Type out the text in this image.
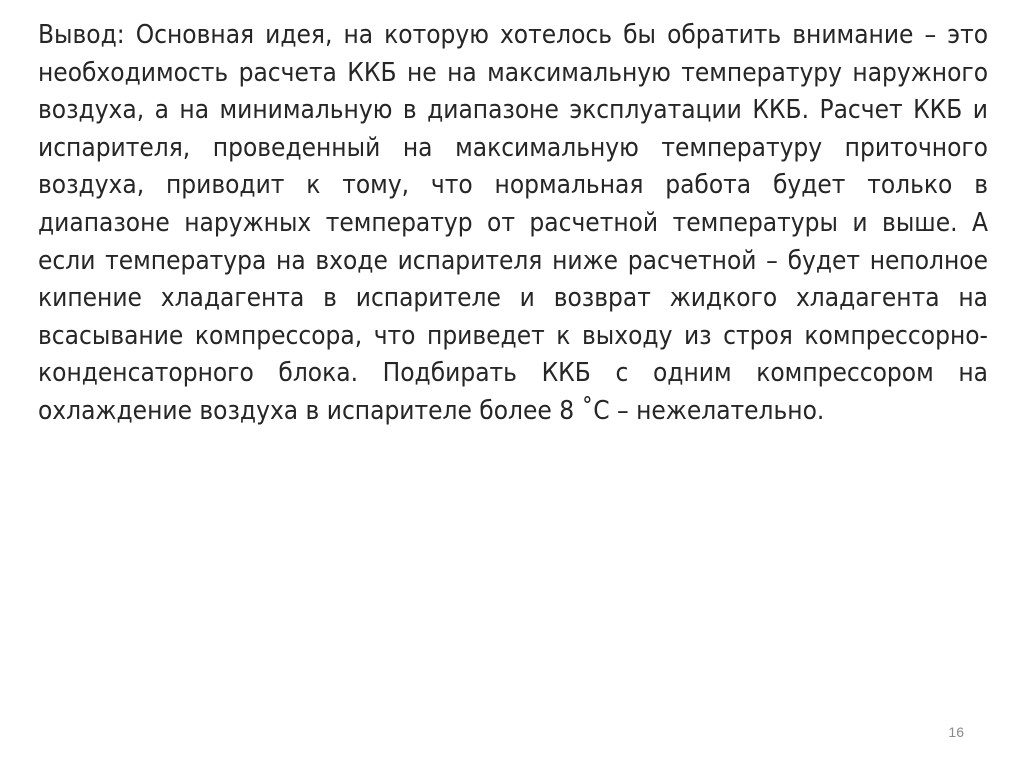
Вывод: Основная идея, на которую хотелось бы обратить внимание – это необходимость расчета ККБ не на максимальную температуру наружного воздуха, а на минимальную в диапазоне эксплуатации ККБ. Расчет ККБ и испарителя, проведенный на максимальную температуру приточного воздуха, приводит к тому, что нормальная работа будет только в диапазоне наружных температур от расчетной температуры и выше. А если температура на входе испарителя ниже расчетной – будет неполное кипение хладагента в испарителе и возврат жидкого хладагента на всасывание компрессора, что приведет к выходу из строя компрессорно-конденсаторного блока. Подбирать ККБ с одним компрессором на охлаждение воздуха в испарителе более 8 ˚С – нежелательно.

16
